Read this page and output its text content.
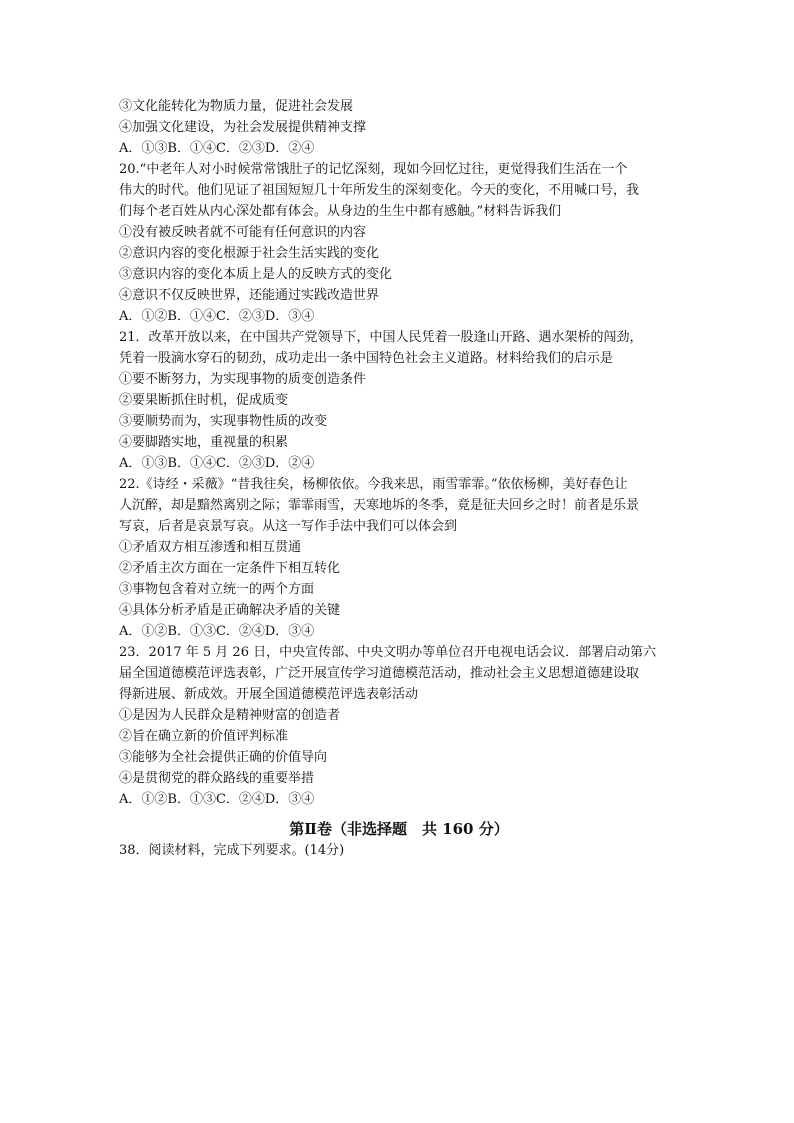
③文化能转化为物质力量，促进社会发展
④加强文化建设，为社会发展提供精神支撑
A．①③B．①④C．②③D．②④
20.“中老年人对小时候常常饿肚子的记忆深刻，现如今回忆过往，更觉得我们生活在一个
伟大的时代。他们见证了祖国短短几十年所发生的深刻变化。今天的变化，不用喊口号，我
们每个老百姓从内心深处都有体会。从身边的生生中都有感触。”材料告诉我们
①没有被反映者就不可能有任何意识的内容
②意识内容的变化根源于社会生活实践的变化
③意识内容的变化本质上是人的反映方式的变化
④意识不仅反映世界，还能通过实践改造世界
A．①②B．①④C．②③D．③④
21．改革开放以来，在中国共产党领导下，中国人民凭着一股逢山开路、遇水架桥的闯劲，
凭着一股滴水穿石的韧劲，成功走出一条中国特色社会主义道路。材料给我们的启示是
①要不断努力，为实现事物的质变创造条件
②要果断抓住时机，促成质变
③要顺势而为，实现事物性质的改变
④要脚踏实地，重视量的积累
A．①③B．①④C．②③D．②④
22.《诗经・采薇》“昔我往矣，杨柳依依。今我来思，雨雪霏霏。”依依杨柳，美好春色让
人沉醉，却是黯然离别之际；霏霏雨雪，天寒地坼的冬季，竟是征夫回乡之时！前者是乐景
写哀，后者是哀景写哀。从这一写作手法中我们可以体会到
①矛盾双方相互渗透和相互贯通
②矛盾主次方面在一定条件下相互转化
③事物包含着对立统一的两个方面
④具体分析矛盾是正确解决矛盾的关键
A．①②B．①③C．②④D．③④
23．2017 年 5 月 26 日，中央宣传部、中央文明办等单位召开电视电话会议．部署启动第六
届全国道德模范评选表彰，广泛开展宣传学习道德模范活动，推动社会主义思想道德建设取
得新进展、新成效。开展全国道德模范评选表彰活动
①是因为人民群众是精神财富的创造者
②旨在确立新的价值评判标准
③能够为全社会提供正确的价值导向
④是贯彻党的群众路线的重要举措
A．①②B．①③C．②④D．③④
第Ⅱ卷（非选择题　共 160 分）
38．阅读材料，完成下列要求。(14分)
